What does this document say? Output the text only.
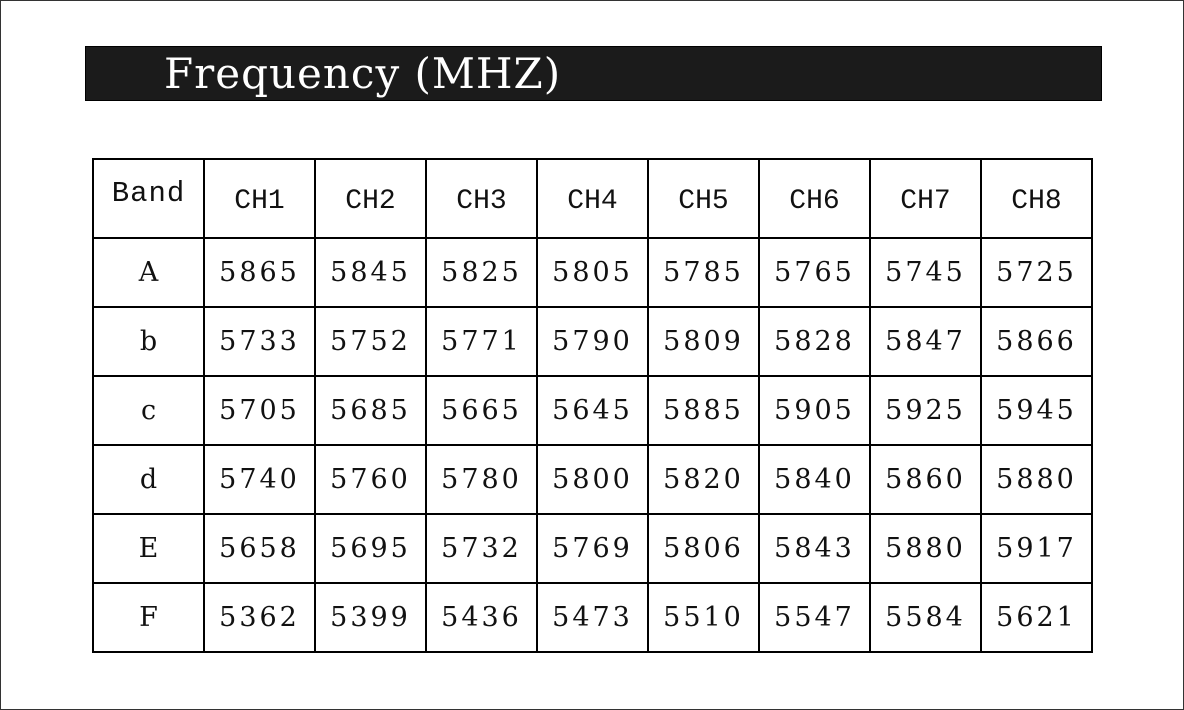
Frequency (MHZ)
Band	CH1	CH2	CH3	CH4	CH5	CH6	CH7	CH8
A	5865	5845	5825	5805	5785	5765	5745	5725
b	5733	5752	5771	5790	5809	5828	5847	5866
c	5705	5685	5665	5645	5885	5905	5925	5945
d	5740	5760	5780	5800	5820	5840	5860	5880
E	5658	5695	5732	5769	5806	5843	5880	5917
F	5362	5399	5436	5473	5510	5547	5584	5621
